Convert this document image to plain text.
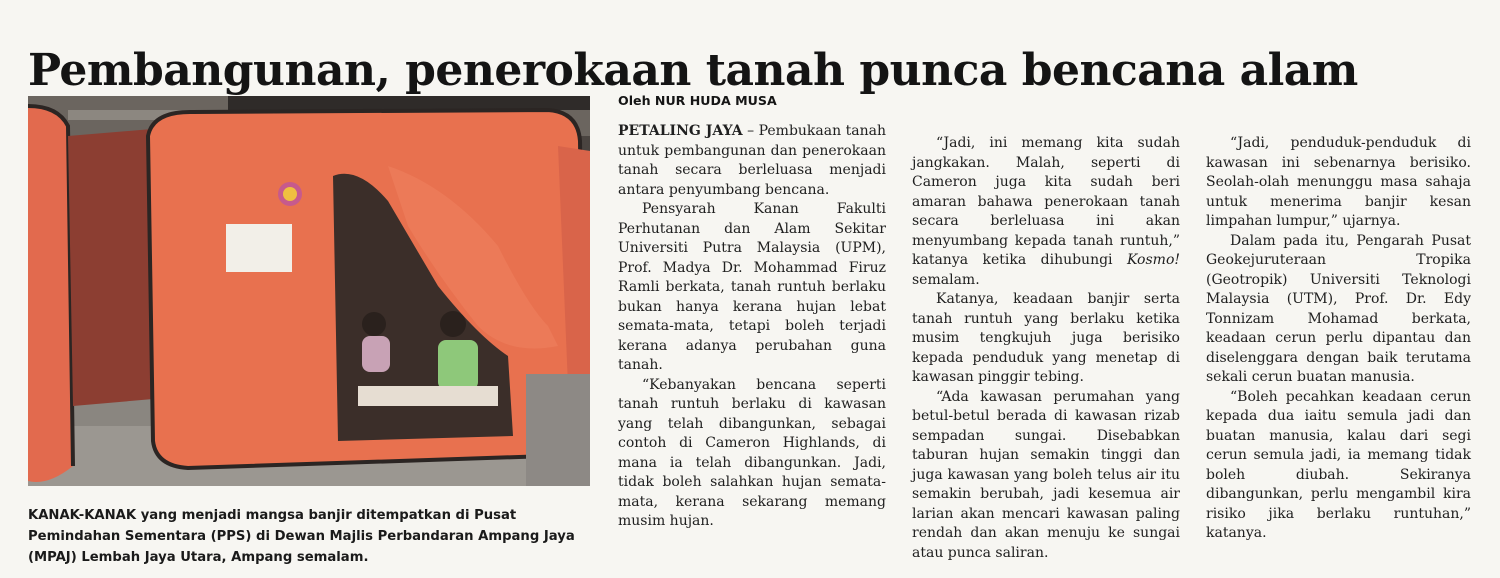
Pembangunan, penerokaan tanah punca bencana alam

KANAK-KANAK yang menjadi mangsa banjir ditempatkan di Pusat Pemindahan Sementara (PPS) di Dewan Majlis Perbandaran Ampang Jaya (MPAJ) Lembah Jaya Utara, Ampang semalam.

Oleh NUR HUDA MUSA

PETALING JAYA – Pembukaan tanah untuk pembangunan dan penerokaan tanah secara berleluasa menjadi antara penyumbang bencana.

Pensyarah Kanan Fakulti Perhutanan dan Alam Sekitar Universiti Putra Malaysia (UPM), Prof. Madya Dr. Mohammad Firuz Ramli berkata, tanah runtuh berlaku bukan hanya kerana hujan lebat semata-mata, tetapi boleh terjadi kerana adanya perubahan guna tanah.

“Kebanyakan bencana seperti tanah runtuh berlaku di kawasan yang telah dibangunkan, sebagai contoh di Cameron Highlands, di mana ia telah dibangunkan. Jadi, tidak boleh salahkan hujan semata-mata, kerana sekarang memang musim hujan.

“Jadi, ini memang kita sudah jangkakan. Malah, seperti di Cameron juga kita sudah beri amaran bahawa penerokaan tanah secara berleluasa ini akan menyumbang kepada tanah runtuh,” katanya ketika dihubungi Kosmo! semalam.

Katanya, keadaan banjir serta tanah runtuh yang berlaku ketika musim tengkujuh juga berisiko kepada penduduk yang menetap di kawasan pinggir tebing.

“Ada kawasan perumahan yang betul-betul berada di kawasan rizab sempadan sungai. Disebabkan taburan hujan semakin tinggi dan juga kawasan yang boleh telus air itu semakin berubah, jadi kesemua air larian akan mencari kawasan paling rendah dan akan menuju ke sungai atau punca saliran.

“Jadi, penduduk-penduduk di kawasan ini sebenarnya berisiko. Seolah-olah menunggu masa sahaja untuk menerima banjir kesan limpahan lumpur,” ujarnya.

Dalam pada itu, Pengarah Pusat Geokejuruteraan Tropika (Geotropik) Universiti Teknologi Malaysia (UTM), Prof. Dr. Edy Tonnizam Mohamad berkata, keadaan cerun perlu dipantau dan diselenggara dengan baik terutama sekali cerun buatan manusia.

“Boleh pecahkan keadaan cerun kepada dua iaitu semula jadi dan buatan manusia, kalau dari segi cerun semula jadi, ia memang tidak boleh diubah. Sekiranya dibangunkan, perlu mengambil kira risiko jika berlaku runtuhan,” katanya.
